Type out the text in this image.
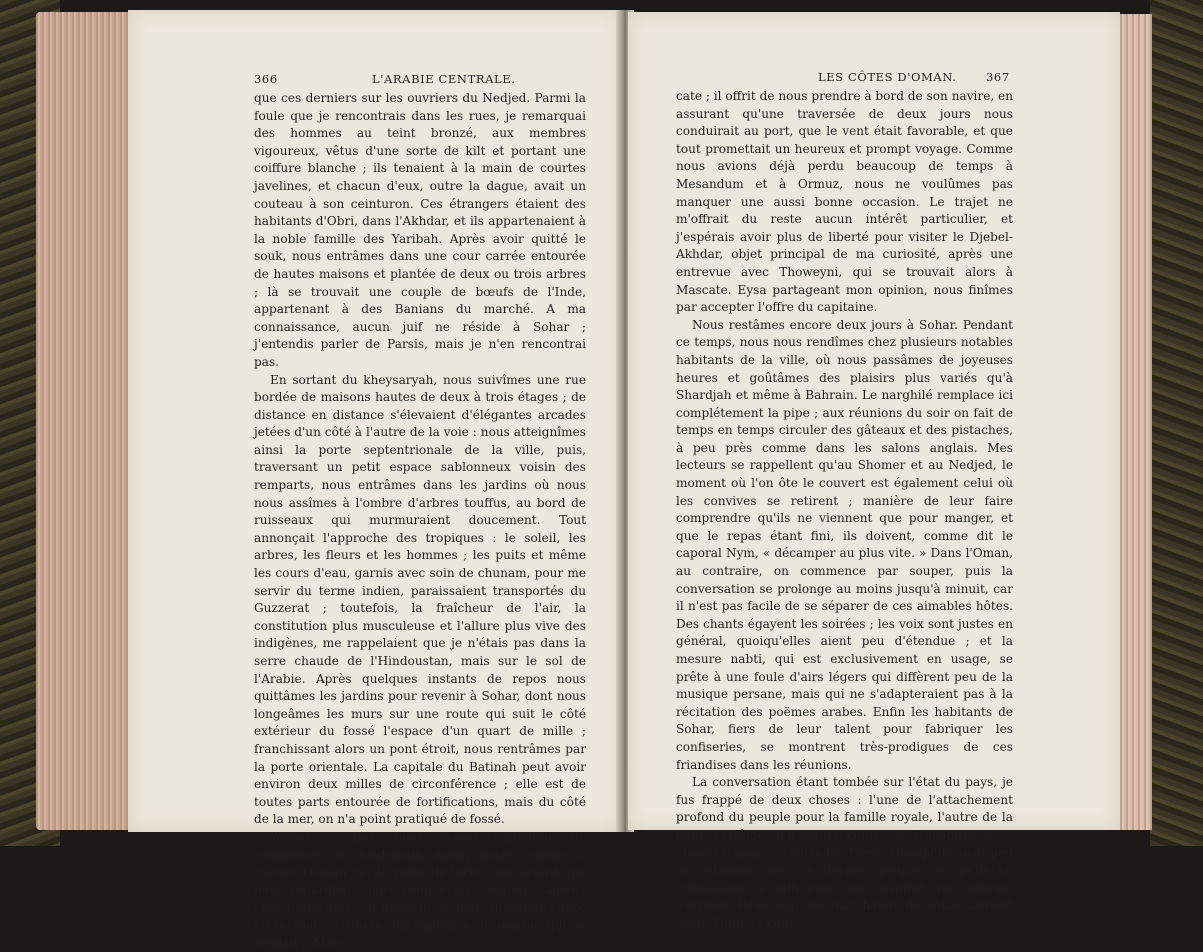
366	L'ARABIE CENTRALE.

que ces derniers sur les ouvriers du Nedjed. Parmi la foule que je rencontrais dans les rues, je remarquai des hommes au teint bronzé, aux membres vigoureux, vêtus d'une sorte de kilt et portant une coiffure blanche ; ils tenaient à la main de courtes javelines, et chacun d'eux, outre la dague, avait un couteau à son ceinturon. Ces étrangers étaient des habitants d'Obri, dans l'Akhdar, et ils appartenaient à la noble famille des Yaribah. Après avoir quitté le souk, nous entrâmes dans une cour carrée entourée de hautes maisons et plantée de deux ou trois arbres ; là se trouvait une couple de bœufs de l'Inde, appartenant à des Banians du marché. A ma connaissance, aucun juif ne réside à Sohar ; j'entendis parler de Parsis, mais je n'en rencontrai pas.

En sortant du kheysaryah, nous suivîmes une rue bordée de maisons hautes de deux à trois étages ; de distance en distance s'élevaient d'élégantes arcades jetées d'un côté à l'autre de la voie : nous atteignîmes ainsi la porte septentrionale de la ville, puis, traversant un petit espace sablonneux voisin des remparts, nous entrâmes dans les jardins où nous nous assîmes à l'ombre d'arbres touffus, au bord de ruisseaux qui murmuraient doucement. Tout annonçait l'approche des tropiques : le soleil, les arbres, les fleurs et les hommes ; les puits et même les cours d'eau, garnis avec soin de chunam, pour me servir du terme indien, paraissaient transportés du Guzzerat ; toutefois, la fraîcheur de l'air, la constitution plus musculeuse et l'allure plus vive des indigènes, me rappelaient que je n'étais pas dans la serre chaude de l'Hindoustan, mais sur le sol de l'Arabie. Après quelques instants de repos nous quittâmes les jardins pour revenir à Sohar, dont nous longeâmes les murs sur une route qui suit le côté extérieur du fossé l'espace d'un quart de mille ; franchissant alors un pont étroit, nous rentrâmes par la porte orientale. La capitale du Batinah peut avoir environ deux milles de circonférence ; elle est de toutes parts entourée de fortifications, mais du côté de la mer, on n'a point pratiqué de fossé.

Yousef et moi, nous avions l'intention de commencer le lendemain matin notre voyage à travers l'Oman par la route de terre ; un hasard que nous regardions alors comme fort heureux, amena chez notre hôte, au moment où nous discutions avec lui la route à suivre, un capitaine de marine qui se rendait à Mas-

LES CÔTES D'OMAN.	367

cate ; il offrit de nous prendre à bord de son navire, en assurant qu'une traversée de deux jours nous conduirait au port, que le vent était favorable, et que tout promettait un heureux et prompt voyage. Comme nous avions déjà perdu beaucoup de temps à Mesandum et à Ormuz, nous ne voulûmes pas manquer une aussi bonne occasion. Le trajet ne m'offrait du reste aucun intérêt particulier, et j'espérais avoir plus de liberté pour visiter le Djebel-Akhdar, objet principal de ma curiosité, après une entrevue avec Thoweyni, qui se trouvait alors à Mascate. Eysa partageant mon opinion, nous finîmes par accepter l'offre du capitaine.

Nous restâmes encore deux jours à Sohar. Pendant ce temps, nous nous rendîmes chez plusieurs notables habitants de la ville, où nous passâmes de joyeuses heures et goûtâmes des plaisirs plus variés qu'à Shardjah et même à Bahrain. Le narghilé remplace ici complétement la pipe ; aux réunions du soir on fait de temps en temps circuler des gâteaux et des pistaches, à peu près comme dans les salons anglais. Mes lecteurs se rappellent qu'au Shomer et au Nedjed, le moment où l'on ôte le couvert est également celui où les convives se retirent ; manière de leur faire comprendre qu'ils ne viennent que pour manger, et que le repas étant fini, ils doivent, comme dit le caporal Nym, « décamper au plus vite. » Dans l'Oman, au contraire, on commence par souper, puis la conversation se prolonge au moins jusqu'à minuit, car il n'est pas facile de se séparer de ces aimables hôtes. Des chants égayent les soirées ; les voix sont justes en général, quoiqu'elles aient peu d'étendue ; et la mesure nabti, qui est exclusivement en usage, se prête à une foule d'airs légers qui diffèrent peu de la musique persane, mais qui ne s'adapteraient pas à la récitation des poëmes arabes. Enfin les habitants de Sohar, fiers de leur talent pour fabriquer les confiseries, se montrent très-prodigues de ces friandises dans les réunions.

La conversation étant tombée sur l'état du pays, je fus frappé de deux choses : l'une de l'attachement profond du peuple pour la famille royale, l'autre de la haine extrême qu'il nourrit contre les Wahabites, et — chose étrange — contre les Turcs. Quoiqu'ils aient peu de relations avec ce dernier peuple, ce qu'ils en connaissent a suffi pour leur inspirer une violente aversion. Beaucoup des marchands de Sohar avaient visité l'Inde et j'en-
